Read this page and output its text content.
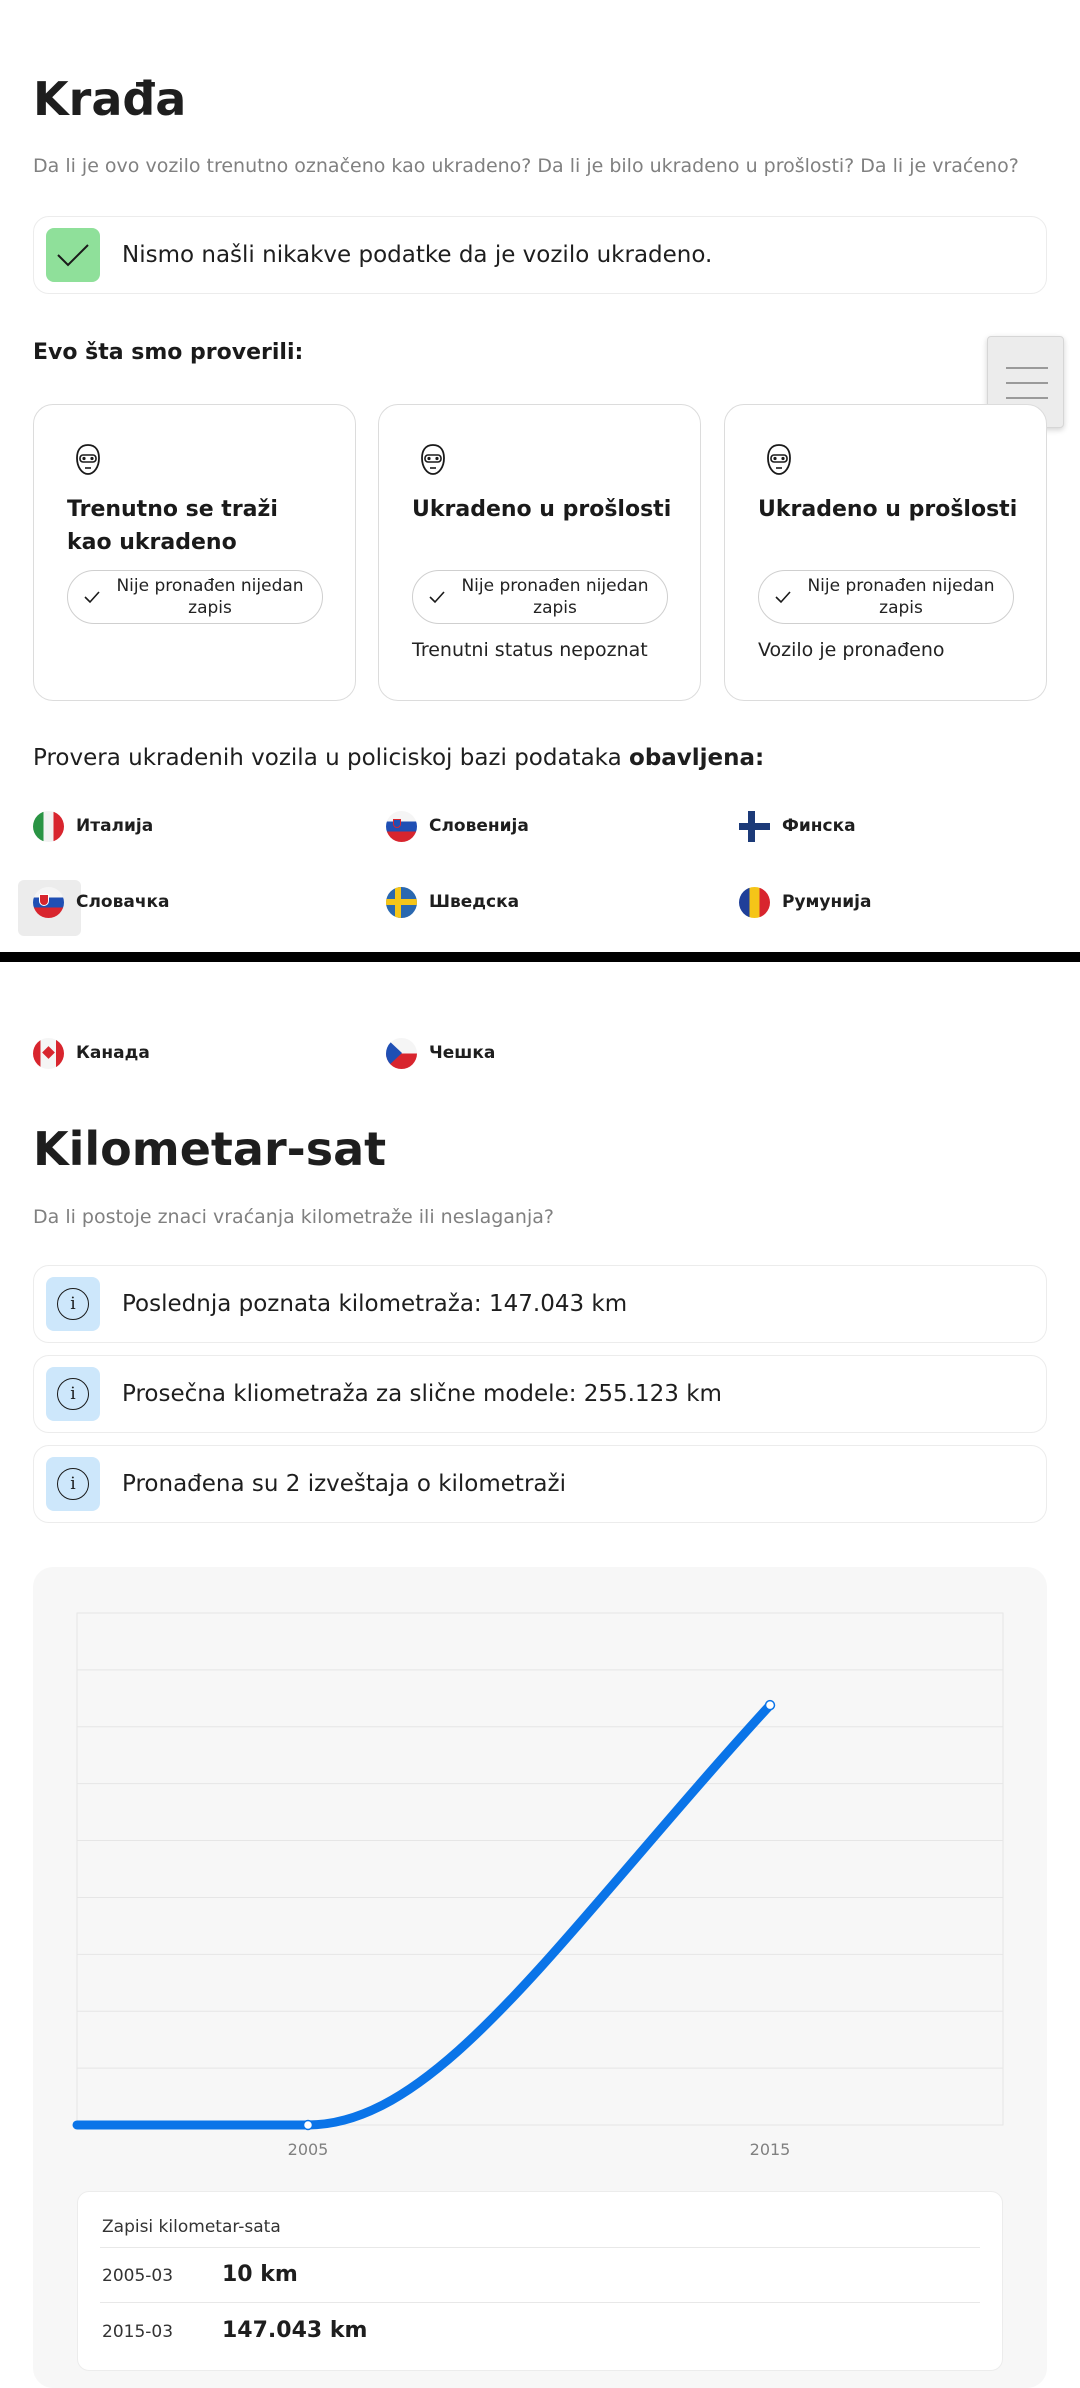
Krađa
Da li je ovo vozilo trenutno označeno kao ukradeno? Da li je bilo ukradeno u prošlosti? Da li je vraćeno?
Nismo našli nikakve podatke da je vozilo ukradeno.
Evo šta smo proverili:
Trenutno se traži kao ukradeno
Nije pronađen nijedan zapis
Ukradeno u prošlosti
Nije pronađen nijedan zapis
Trenutni status nepoznat
Ukradeno u prošlosti
Nije pronađen nijedan zapis
Vozilo je pronađeno
Provera ukradenih vozila u policiskoj bazi podataka obavljena:
Италија	Словенија	Финска
Словачка	Шведска	Румунија
Канада	Чешка
Kilometar-sat
Da li postoje znaci vraćanja kilometraže ili neslaganja?
i	Poslednja poznata kilometraža: 147.043 km
i	Prosečna kliometraža za slične modele: 255.123 km
i	Pronađena su 2 izveštaja o kilometraži
2005	2015
Zapisi kilometar-sata
2005-03 10 km
2015-03 147.043 km
